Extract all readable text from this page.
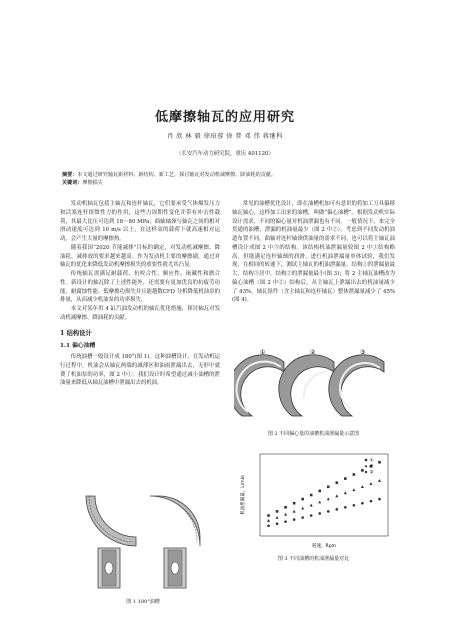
低摩擦轴瓦的应用研究
肖 欣 林 毅 徐瑄蓉 徐 普 邓 伟 蒋继科
（长安汽车动力研究院，重庆 401120）
摘要：本文通过研究轴瓦新材料、新结构、新工艺，探讨轴瓦对发动机减摩擦、降油耗的贡献。
关键词：摩擦损失

发动机轴瓦包括主轴瓦和连杆轴瓦，它们要承受气体爆发压力和活塞连杆组惯性力的作用，这些力周期性变化并带有冲击性载荷，其最大比压可达到 18～80 MPa；曲轴轴颈与轴瓦之间的相对滑动速度可达到 10 m/s 以上，在这样高的载荷下就高速相对运动，会产生大量的摩擦热。

随着我国“2020 节能减排”目标的确定，对发动机减摩擦、降油耗、减排放的要求越来越高。作为发动机主要的摩擦副，通过对轴瓦的优化来降低发动机摩擦损失的重要性就尤其凸显。

传统轴瓦需满足耐载荷、抗咬合性、顺应性、嵌藏性和磨合性。新设计的轴瓦除了上述性能外，还需要有更加优良的抗疲劳功能、耐腐蚀性能、低摩擦功损失并且能越数CFD 分析降低机油泵的排量，从而减少机油泵的功率损失。

本文对某年用 4 缸汽油发动机的轴瓦优化措施，探讨轴瓦对发动机减摩擦、降油耗的贡献。

1 结构设计
1.1 偏心油槽

传统油槽一般设计成 180°(图 1)。这种油槽设计，在发动机运行过程中，机油会从轴瓦两端的减薄区和油雨泄漏出去，无形中就费了机油泵的功率，图 2 中①。我们设计时希望通过减小油槽的泄油量来降低从轴瓦油槽中泄漏出去的机油。

图 1 180°油槽

常见的油槽优化设计，即在油槽机加可有意识的将加工刀具偏移轴瓦轴心，这样加工出来的油槽，叫做“偏心油槽”。根据发动机实际设计需求，不同的偏心量对机油泄漏也有不同。一般情况下，来完全贯通的油槽，泄漏的机油量最少（图 2 中②）。考虑到不同发动机油道布置不同，曲轴对连杆轴颈供油量的需求不同，也可以将主轴瓦油槽设计成图 2 中③的结构。该结构机油泄漏量较图 2 中①结构略高，但能满足连杆轴颈的润滑。进行机油泄漏量单体试验，我们发现，在相同的转速下，测试主轴瓦的机油泄漏量，结构①的泄漏量最大，结构③居中，结构②的泄漏量最小(图 3)；将 2 主轴瓦油槽改为偏心油槽（图 2 中②）结构后，从主轴瓦上泄漏出去的机油量减少了 43%，轴瓦组件（含主轴瓦和连杆轴瓦）整体泄漏量减少了 45%(图 4)。

①	②	③
图 2 不同偏心量的油槽机油泄漏量示意图
机油泄漏量，L/min
转速，Rpm
①
③
②
图 3 不同油槽的机油泄漏量对比
